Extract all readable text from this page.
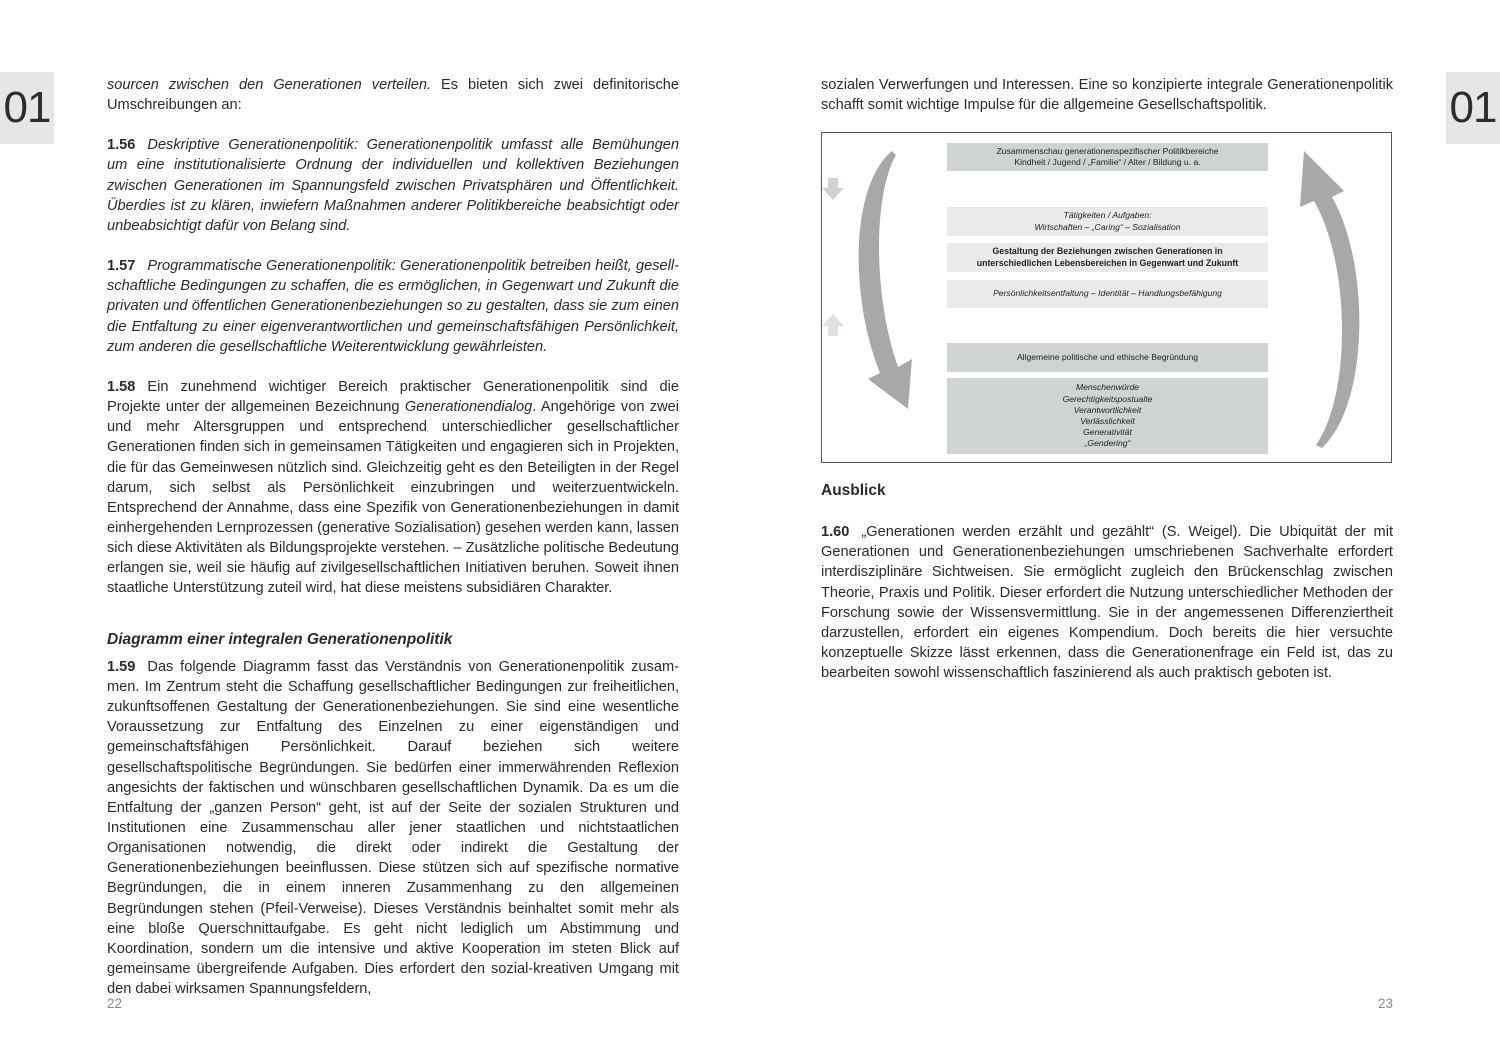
01	01

sourcen zwischen den Generationen verteilen. Es bieten sich zwei definitorische Umschreibungen an:

1.56 Deskriptive Generationenpolitik: Generationenpolitik umfasst alle Bemühungen um eine institutionalisierte Ordnung der individuellen und kollektiven Beziehungen zwischen Generationen im Spannungsfeld zwischen Privatsphären und Öffentlichkeit. Überdies ist zu klären, inwiefern Maßnahmen anderer Politikbereiche beabsichtigt oder unbeabsichtigt dafür von Belang sind.

1.57 Programmatische Generationenpolitik: Generationenpolitik betreiben heißt, gesellschaftliche Bedingungen zu schaffen, die es ermöglichen, in Gegenwart und Zukunft die privaten und öffentlichen Generationenbeziehungen so zu gestalten, dass sie zum einen die Entfaltung zu einer eigenverantwortlichen und gemeinschaftsfähigen Persönlichkeit, zum anderen die gesellschaftliche Weiterentwicklung gewährleisten.

1.58 Ein zunehmend wichtiger Bereich praktischer Generationenpolitik sind die Projekte unter der allgemeinen Bezeichnung Generationendialog. Angehörige von zwei und mehr Altersgruppen und entsprechend unterschiedlicher gesellschaftlicher Generationen finden sich in gemeinsamen Tätigkeiten und engagieren sich in Projekten, die für das Gemeinwesen nützlich sind. Gleichzeitig geht es den Beteiligten in der Regel darum, sich selbst als Persönlichkeit einzubringen und weiterzuentwickeln. Entsprechend der Annahme, dass eine Spezifik von Generationenbeziehungen in damit einhergehenden Lernprozessen (generative Sozialisation) gesehen werden kann, lassen sich diese Aktivitäten als Bildungsprojekte verstehen. – Zusätzliche politische Bedeutung erlangen sie, weil sie häufig auf zivilgesellschaftlichen Initiativen beruhen. Soweit ihnen staatliche Unterstützung zuteil wird, hat diese meistens subsidiären Charakter.

Diagramm einer integralen Generationenpolitik

1.59 Das folgende Diagramm fasst das Verständnis von Generationenpolitik zusammen. Im Zentrum steht die Schaffung gesellschaftlicher Bedingungen zur freiheitlichen, zukunftsoffenen Gestaltung der Generationenbeziehungen. Sie sind eine wesentliche Voraussetzung zur Entfaltung des Einzelnen zu einer eigenständigen und gemeinschaftsfähigen Persönlichkeit. Darauf beziehen sich weitere gesellschaftspolitische Begründungen. Sie bedürfen einer immerwährenden Reflexion angesichts der faktischen und wünschbaren gesellschaftlichen Dynamik. Da es um die Entfaltung der „ganzen Person“ geht, ist auf der Seite der sozialen Strukturen und Institutionen eine Zusammenschau aller jener staatlichen und nichtstaatlichen Organisationen notwendig, die direkt oder indirekt die Gestaltung der Generationenbeziehungen beeinflussen. Diese stützen sich auf spezifische normative Begründungen, die in einem inneren Zusammenhang zu den allgemeinen Begründungen stehen (Pfeil-Verweise). Dieses Verständnis beinhaltet somit mehr als eine bloße Querschnittaufgabe. Es geht nicht lediglich um Abstimmung und Koordination, sondern um die intensive und aktive Kooperation im steten Blick auf gemeinsame übergreifende Aufgaben. Dies erfordert den sozial-kreativen Umgang mit den dabei wirksamen Spannungsfeldern,

22

sozialen Verwerfungen und Interessen. Eine so konzipierte integrale Generationenpolitik schafft somit wichtige Impulse für die allgemeine Gesellschaftspolitik.

Zusammenschau generationenspezifischer Politikbereiche
Kindheit / Jugend / „Familie“ / Alter / Bildung u. a.
Tätigkeiten / Aufgaben:
Wirtschaften – „Caring“ – Sozialisation
Gestaltung der Beziehungen zwischen Generationen in
unterschiedlichen Lebensbereichen in Gegenwart und Zukunft
Persönlichkeitsentfaltung – Identität – Handlungsbefähigung
Allgemeine politische und ethische Begründung
Menschenwürde
Gerechtigkeitspostualte
Verantwortlichkeit
Verlässlichkeit
Generativität
„Gendering“
Ausblick

1.60 „Generationen werden erzählt und gezählt“ (S. Weigel). Die Ubiquität der mit Generationen und Generationenbeziehungen umschriebenen Sachverhalte erfordert interdisziplinäre Sichtweisen. Sie ermöglicht zugleich den Brückenschlag zwischen Theorie, Praxis und Politik. Dieser erfordert die Nutzung unterschiedlicher Methoden der Forschung sowie der Wissensvermittlung. Sie in der angemessenen Differenziertheit darzustellen, erfordert ein eigenes Kompendium. Doch bereits die hier versuchte konzeptuelle Skizze lässt erkennen, dass die Generationenfrage ein Feld ist, das zu bearbeiten sowohl wissenschaftlich faszinierend als auch praktisch geboten ist.

23
